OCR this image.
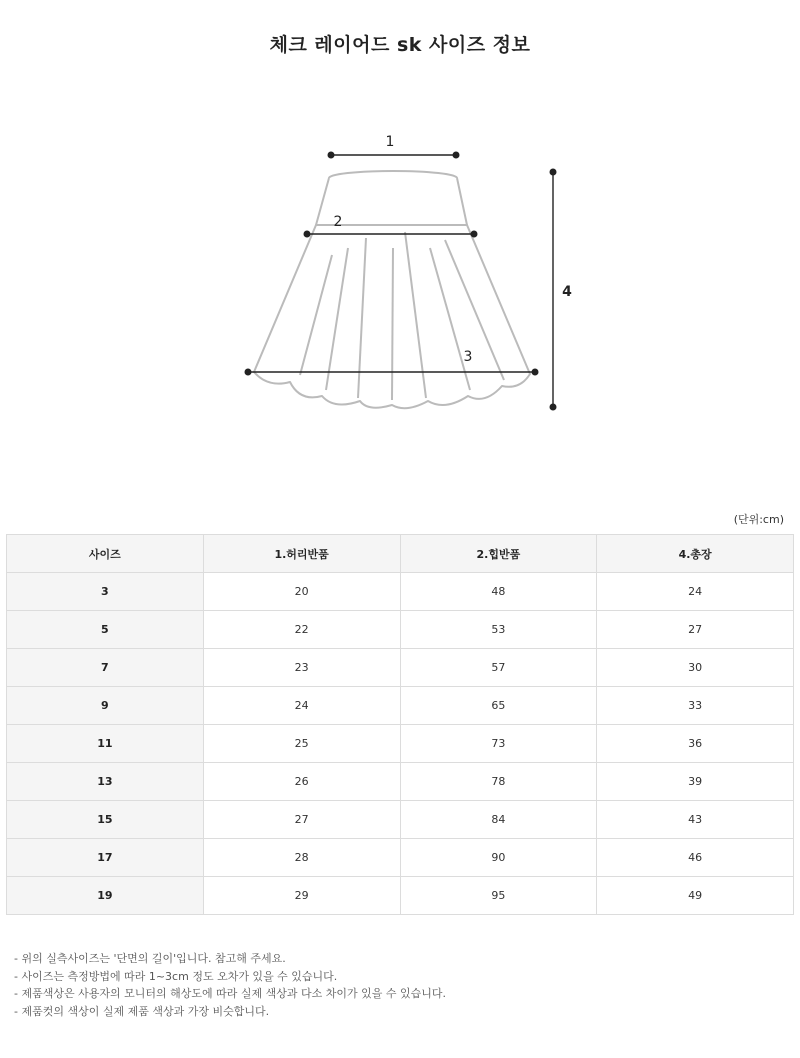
체크 레이어드 sk 사이즈 정보
1
2
3
4
(단위:cm)
사이즈	1.허리반품	2.힙반품	4.총장
3	20	48	24
5	22	53	27
7	23	57	30
9	24	65	33
11	25	73	36
13	26	78	39
15	27	84	43
17	28	90	46
19	29	95	49
- 위의 실측사이즈는 '단면의 길이'입니다. 참고해 주세요.
- 사이즈는 측정방법에 따라 1~3cm 정도 오차가 있을 수 있습니다.
- 제품색상은 사용자의 모니터의 해상도에 따라 실제 색상과 다소 차이가 있을 수 있습니다.
- 제품컷의 색상이 실제 제품 색상과 가장 비슷합니다.
